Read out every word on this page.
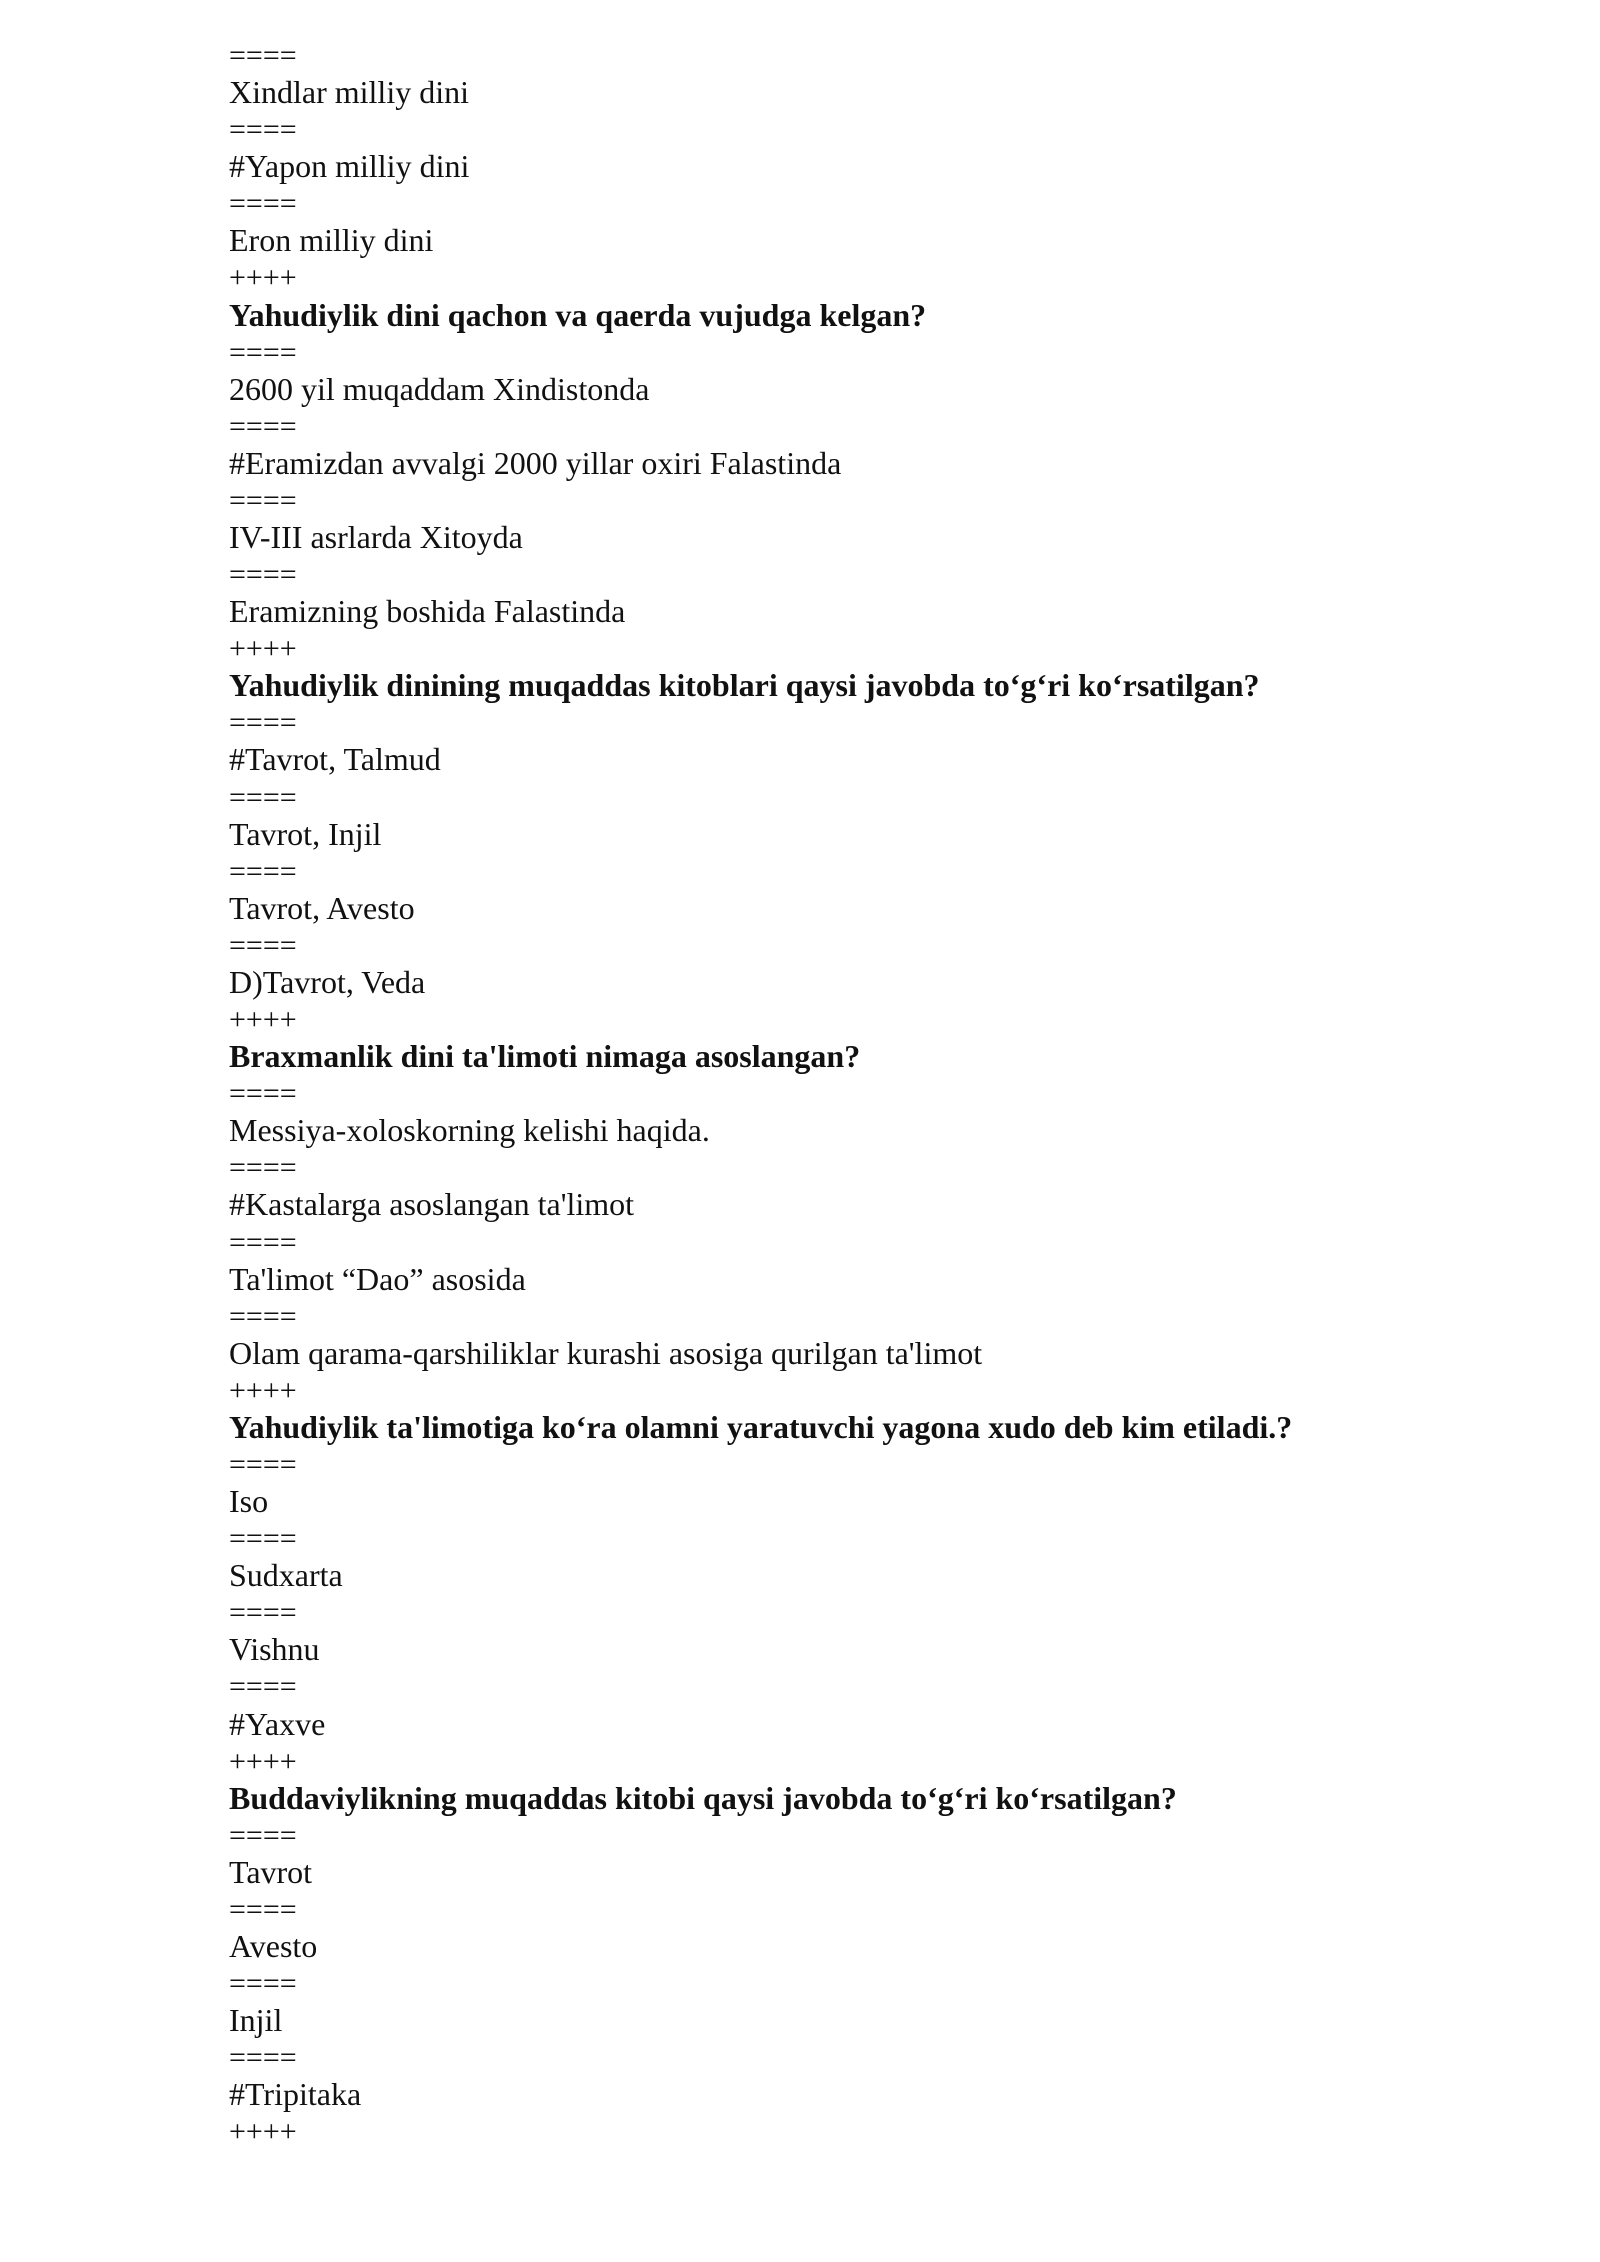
====
Xindlar milliy dini
====
#Yapon milliy dini
====
Eron milliy dini
++++
Yahudiylik dini qachon va qaerda vujudga kelgan?
====
2600 yil muqaddam Xindistonda
====
#Eramizdan avvalgi 2000 yillar oxiri Falastinda
====
IV-III asrlarda Xitoyda
====
Eramizning boshida Falastinda
++++
Yahudiylik dinining muqaddas kitoblari qaysi javobda to‘g‘ri ko‘rsatilgan?
====
#Tavrot, Talmud
====
Tavrot, Injil
====
Tavrot, Avesto
====
D)Tavrot, Veda
++++
Braxmanlik dini ta'limoti nimaga asoslangan?
====
Messiya-xoloskorning kelishi haqida.
====
#Kastalarga asoslangan ta'limot
====
Ta'limot “Dao” asosida
====
Olam qarama-qarshiliklar kurashi asosiga qurilgan ta'limot
++++
Yahudiylik ta'limotiga ko‘ra olamni yaratuvchi yagona xudo deb kim etiladi.?
====
Iso
====
Sudxarta
====
Vishnu
====
#Yaxve
++++
Buddaviylikning muqaddas kitobi qaysi javobda to‘g‘ri ko‘rsatilgan?
====
Tavrot
====
Avesto
====
Injil
====
#Tripitaka
++++
